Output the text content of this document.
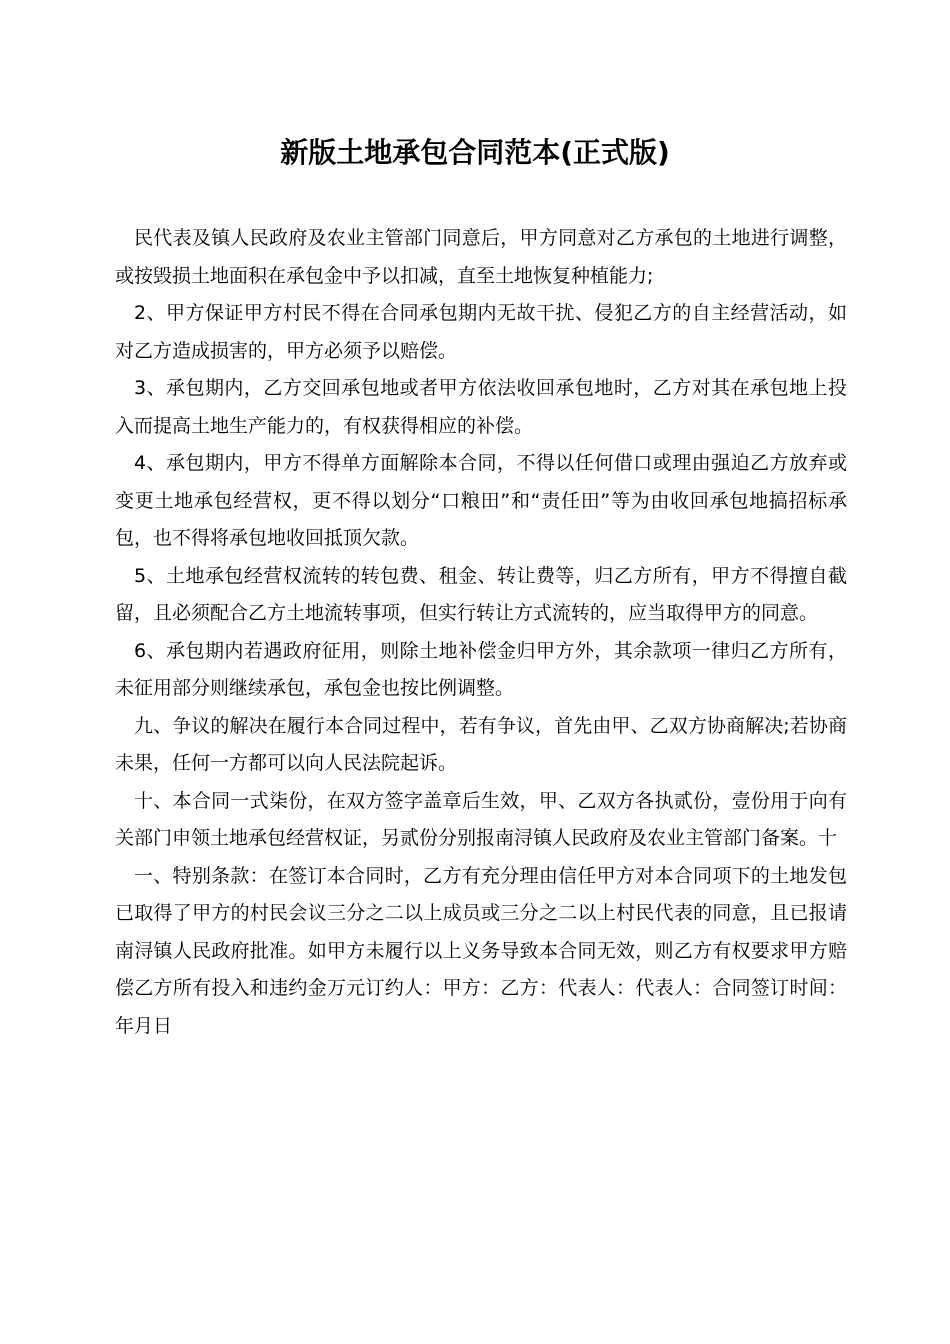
新版土地承包合同范本(正式版)

民代表及镇人民政府及农业主管部门同意后，甲方同意对乙方承包的土地进行调整，或按毁损土地面积在承包金中予以扣减，直至土地恢复种植能力;

2、甲方保证甲方村民不得在合同承包期内无故干扰、侵犯乙方的自主经营活动，如对乙方造成损害的，甲方必须予以赔偿。

3、承包期内，乙方交回承包地或者甲方依法收回承包地时，乙方对其在承包地上投入而提高土地生产能力的，有权获得相应的补偿。

4、承包期内，甲方不得单方面解除本合同，不得以任何借口或理由强迫乙方放弃或变更土地承包经营权，更不得以划分“口粮田”和“责任田”等为由收回承包地搞招标承包，也不得将承包地收回抵顶欠款。

5、土地承包经营权流转的转包费、租金、转让费等，归乙方所有，甲方不得擅自截留，且必须配合乙方土地流转事项，但实行转让方式流转的，应当取得甲方的同意。

6、承包期内若遇政府征用，则除土地补偿金归甲方外，其余款项一律归乙方所有，未征用部分则继续承包，承包金也按比例调整。

九、争议的解决在履行本合同过程中，若有争议，首先由甲、乙双方协商解决;若协商未果，任何一方都可以向人民法院起诉。

十、本合同一式柒份，在双方签字盖章后生效，甲、乙双方各执贰份，壹份用于向有关部门申领土地承包经营权证，另贰份分别报南浔镇人民政府及农业主管部门备案。十

一、特别条款：在签订本合同时，乙方有充分理由信任甲方对本合同项下的土地发包已取得了甲方的村民会议三分之二以上成员或三分之二以上村民代表的同意，且已报请南浔镇人民政府批准。如甲方未履行以上义务导致本合同无效，则乙方有权要求甲方赔偿乙方所有投入和违约金万元订约人：甲方：乙方：代表人：代表人：合同签订时间：年月日
